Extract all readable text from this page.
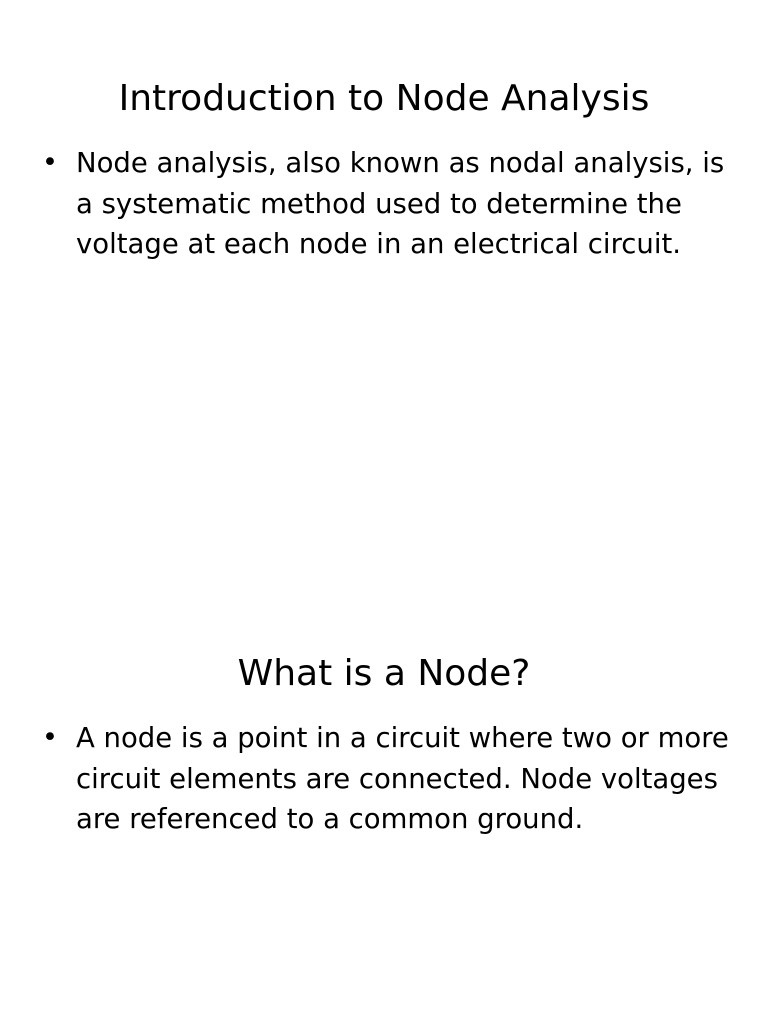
Introduction to Node Analysis
• Node analysis, also known as nodal analysis, is a systematic method used to determine the voltage at each node in an electrical circuit.
What is a Node?
• A node is a point in a circuit where two or more circuit elements are connected. Node voltages are referenced to a common ground.
